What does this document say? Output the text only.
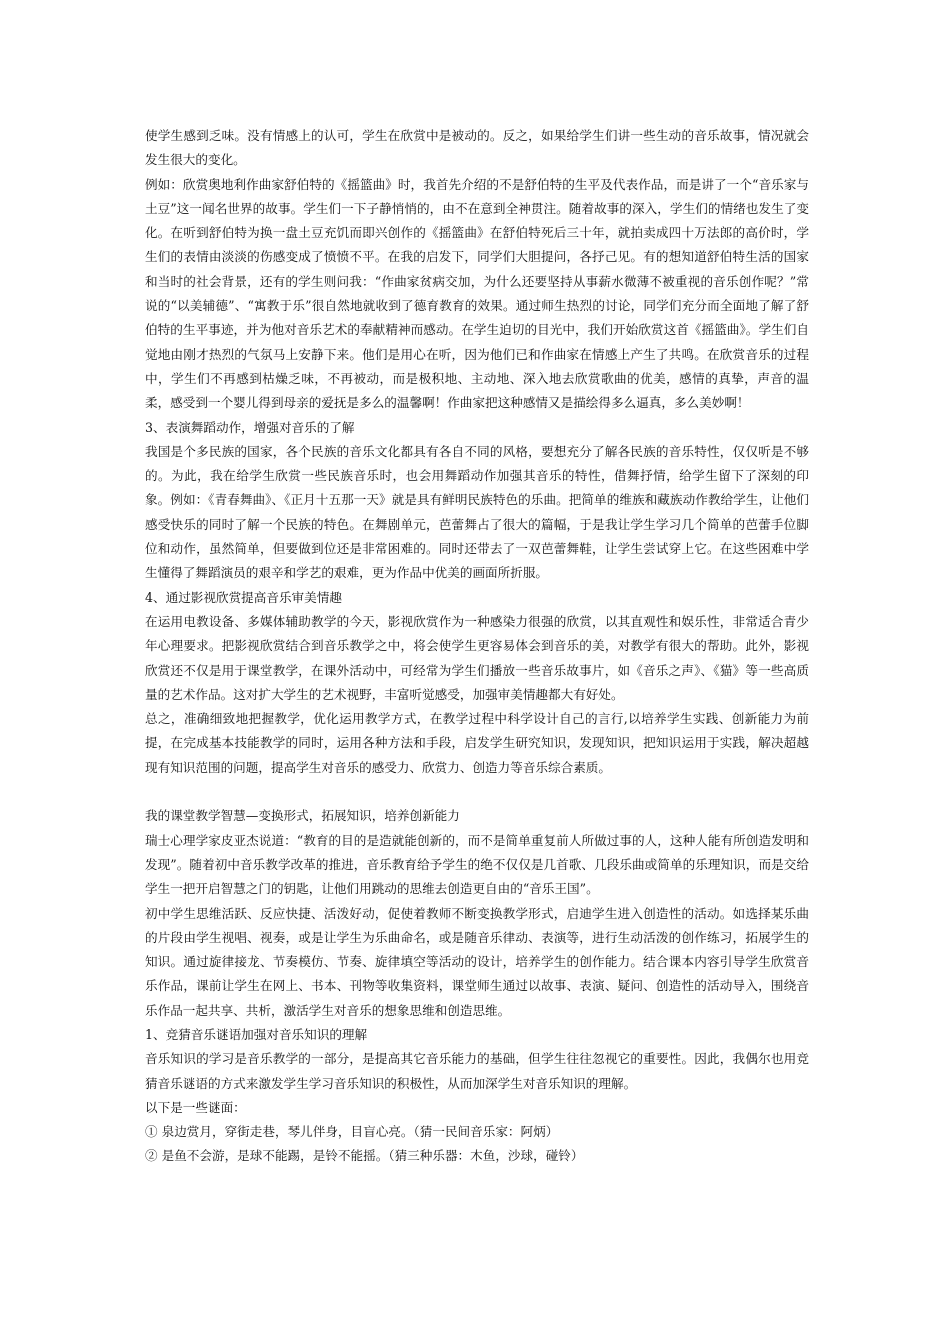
使学生感到乏味。没有情感上的认可，学生在欣赏中是被动的。反之，如果给学生们讲一些生动的音乐故事，情况就会发生很大的变化。

例如：欣赏奥地利作曲家舒伯特的《摇篮曲》时，我首先介绍的不是舒伯特的生平及代表作品，而是讲了一个“音乐家与土豆”这一闻名世界的故事。学生们一下子静悄悄的，由不在意到全神贯注。随着故事的深入，学生们的情绪也发生了变化。在听到舒伯特为换一盘土豆充饥而即兴创作的《摇篮曲》在舒伯特死后三十年，就拍卖成四十万法郎的高价时，学生们的表情由淡淡的伤感变成了愤愤不平。在我的启发下，同学们大胆提问，各抒己见。有的想知道舒伯特生活的国家和当时的社会背景，还有的学生则问我：“作曲家贫病交加，为什么还要坚持从事薪水微薄不被重视的音乐创作呢？”常说的“以美辅德”、“寓教于乐”很自然地就收到了德育教育的效果。通过师生热烈的讨论，同学们充分而全面地了解了舒伯特的生平事迹，并为他对音乐艺术的奉献精神而感动。在学生迫切的目光中，我们开始欣赏这首《摇篮曲》。学生们自觉地由刚才热烈的气氛马上安静下来。他们是用心在听，因为他们已和作曲家在情感上产生了共鸣。在欣赏音乐的过程中，学生们不再感到枯燥乏味，不再被动，而是极积地、主动地、深入地去欣赏歌曲的优美，感情的真挚，声音的温柔，感受到一个婴儿得到母亲的爱抚是多么的温馨啊！作曲家把这种感情又是描绘得多么逼真，多么美妙啊！

3、表演舞蹈动作，增强对音乐的了解

我国是个多民族的国家，各个民族的音乐文化都具有各自不同的风格，要想充分了解各民族的音乐特性，仅仅听是不够的。为此，我在给学生欣赏一些民族音乐时，也会用舞蹈动作加强其音乐的特性，借舞抒情，给学生留下了深刻的印象。例如：《青春舞曲》、《正月十五那一天》就是具有鲜明民族特色的乐曲。把简单的维族和藏族动作教给学生，让他们感受快乐的同时了解一个民族的特色。在舞剧单元，芭蕾舞占了很大的篇幅，于是我让学生学习几个简单的芭蕾手位脚位和动作，虽然简单，但要做到位还是非常困难的。同时还带去了一双芭蕾舞鞋，让学生尝试穿上它。在这些困难中学生懂得了舞蹈演员的艰辛和学艺的艰难，更为作品中优美的画面所折服。

4、通过影视欣赏提高音乐审美情趣

在运用电教设备、多媒体辅助教学的今天，影视欣赏作为一种感染力很强的欣赏，以其直观性和娱乐性，非常适合青少年心理要求。把影视欣赏结合到音乐教学之中，将会使学生更容易体会到音乐的美，对教学有很大的帮助。此外，影视欣赏还不仅是用于课堂教学，在课外活动中，可经常为学生们播放一些音乐故事片，如《音乐之声》、《猫》等一些高质量的艺术作品。这对扩大学生的艺术视野，丰富听觉感受，加强审美情趣都大有好处。

总之，准确细致地把握教学，优化运用教学方式，在教学过程中科学设计自己的言行,以培养学生实践、创新能力为前提，在完成基本技能教学的同时，运用各种方法和手段，启发学生研究知识，发现知识，把知识运用于实践，解决超越现有知识范围的问题，提高学生对音乐的感受力、欣赏力、创造力等音乐综合素质。

我的课堂教学智慧—变换形式，拓展知识，培养创新能力

瑞士心理学家皮亚杰说道：“教育的目的是造就能创新的，而不是简单重复前人所做过事的人，这种人能有所创造发明和发现”。随着初中音乐教学改革的推进，音乐教育给予学生的绝不仅仅是几首歌、几段乐曲或简单的乐理知识，而是交给学生一把开启智慧之门的钥匙，让他们用跳动的思维去创造更自由的“音乐王国”。

初中学生思维活跃、反应快捷、活泼好动，促使着教师不断变换教学形式，启迪学生进入创造性的活动。如选择某乐曲的片段由学生视唱、视奏，或是让学生为乐曲命名，或是随音乐律动、表演等，进行生动活泼的创作练习，拓展学生的知识。通过旋律接龙、节奏模仿、节奏、旋律填空等活动的设计，培养学生的创作能力。结合课本内容引导学生欣赏音乐作品，课前让学生在网上、书本、刊物等收集资料，课堂师生通过以故事、表演、疑问、创造性的活动导入，围绕音乐作品一起共享、共析，激活学生对音乐的想象思维和创造思维。

1、竞猜音乐谜语加强对音乐知识的理解

音乐知识的学习是音乐教学的一部分，是提高其它音乐能力的基础，但学生往往忽视它的重要性。因此，我偶尔也用竞猜音乐谜语的方式来激发学生学习音乐知识的积极性，从而加深学生对音乐知识的理解。

以下是一些谜面：

① 泉边赏月，穿街走巷，琴儿伴身，目盲心亮。（猜一民间音乐家：阿炳）

② 是鱼不会游，是球不能踢，是铃不能摇。（猜三种乐器：木鱼，沙球，碰铃）
